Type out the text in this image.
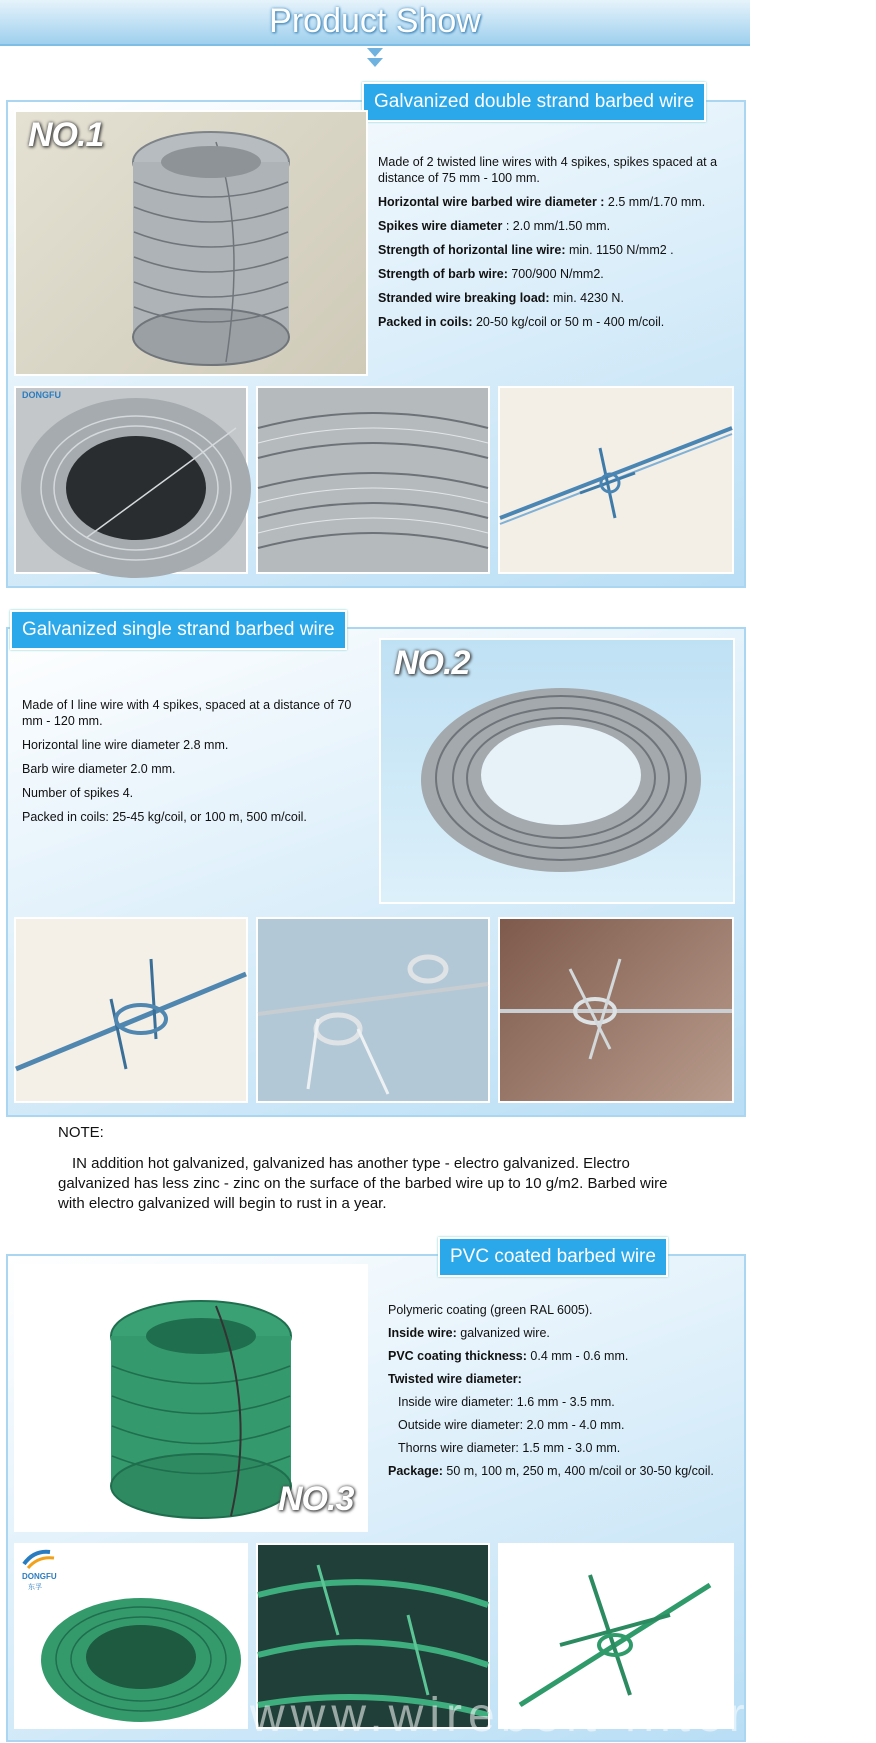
Product Show
Galvanized double strand barbed wire
NO.1

Made of 2 twisted line wires with 4 spikes, spikes spaced at a distance of 75 mm - 100 mm.

Horizontal wire barbed wire diameter : 2.5 mm/1.70 mm.

Spikes wire diameter : 2.0 mm/1.50 mm.

Strength of horizontal line wire: min. 1150 N/mm2 .

Strength of barb wire: 700/900 N/mm2.

Stranded wire breaking load: min. 4230 N.

Packed in coils: 20-50 kg/coil or 50 m - 400 m/coil.

DONGFU
Galvanized single strand barbed wire

Made of I line wire with 4 spikes, spaced at a distance of 70 mm - 120 mm.

Horizontal line wire diameter 2.8 mm.

Barb wire diameter 2.0 mm.

Number of spikes 4.

Packed in coils: 25-45 kg/coil, or 100 m, 500 m/coil.

NO.2
NOTE:
IN addition hot galvanized, galvanized has another type - electro galvanized. Electro galvanized has less zinc - zinc on the surface of the barbed wire up to 10 g/m2. Barbed wire with electro galvanized will begin to rust in a year.
PVC coated barbed wire
NO.3

Polymeric coating (green RAL 6005).

Inside wire: galvanized wire.

PVC coating thickness: 0.4 mm - 0.6 mm.

Twisted wire diameter:

Inside wire diameter: 1.6 mm - 3.5 mm.

Outside wire diameter: 2.0 mm - 4.0 mm.

Thorns wire diameter: 1.5 mm - 3.0 mm.

Package: 50 m, 100 m, 250 m, 400 m/coil or 30-50 kg/coil.

DONGFU
东孚
www.wirebelt-filter.com
